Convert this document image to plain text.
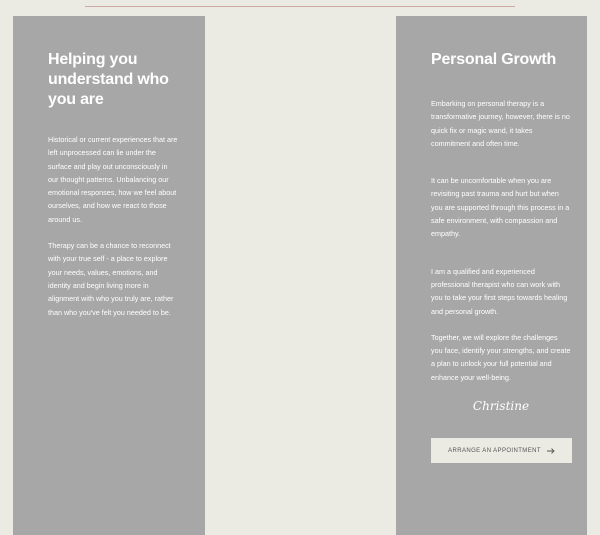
Helping you understand who you are

Historical or current experiences that are left unprocessed can lie under the surface and play out unconsciously in our thought patterns. Unbalancing our emotional responses, how we feel about ourselves, and how we react to those around us.

Therapy can be a chance to reconnect with your true self - a place to explore your needs, values, emotions, and identity and begin living more in alignment with who you truly are, rather than who you've felt you needed to be.

Personal Growth

Embarking on personal therapy is a transformative journey, however, there is no quick fix or magic wand, it takes commitment and often time.

It can be uncomfortable when you are revisiting past trauma and hurt but when you are supported through this process in a safe environment, with compassion and empathy.

I am a qualified and experienced professional therapist who can work with you to take your first steps towards healing and personal growth.

Together, we will explore the challenges you face, identify your strengths, and create a plan to unlock your full potential and enhance your well-being.

Christine

ARRANGE AN APPOINTMENT
